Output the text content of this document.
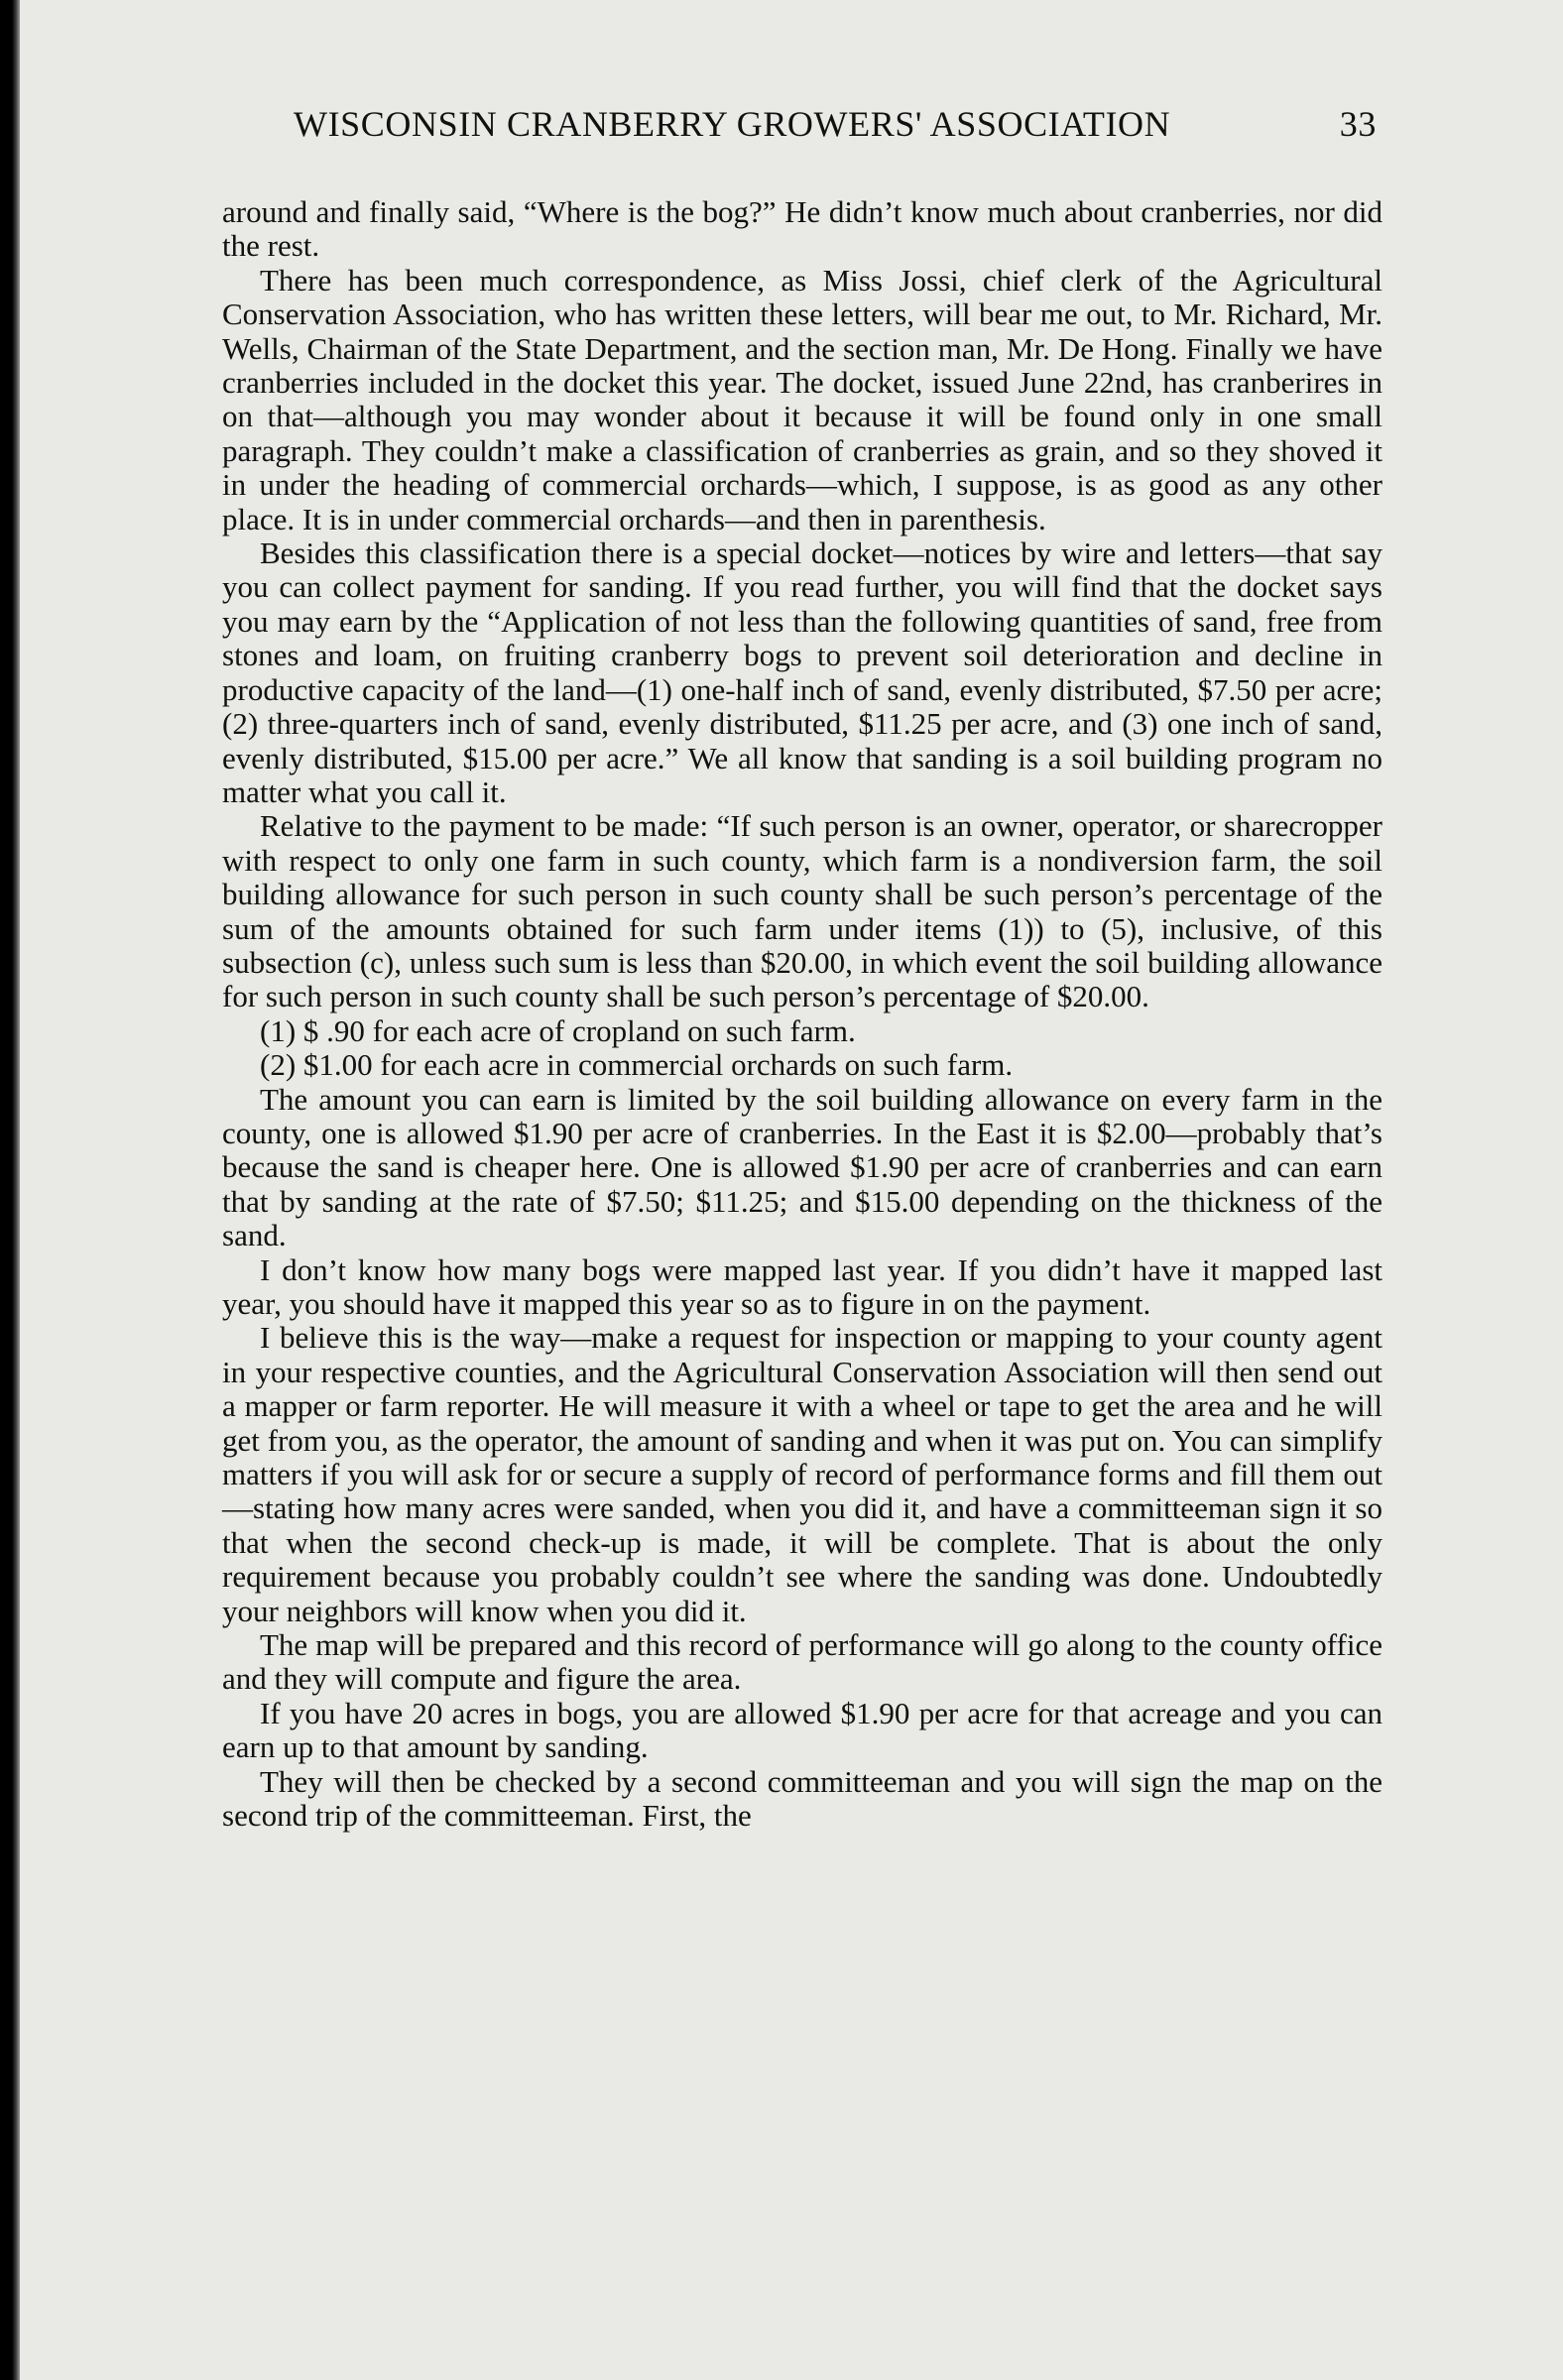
WISCONSIN CRANBERRY GROWERS' ASSOCIATION	33

around and finally said, “Where is the bog?” He didn’t know much about cranberries, nor did the rest.

There has been much correspondence, as Miss Jossi, chief clerk of the Agricultural Conservation Association, who has written these letters, will bear me out, to Mr. Richard, Mr. Wells, Chairman of the State Department, and the section man, Mr. De Hong. Finally we have cranberries included in the docket this year. The docket, issued June 22nd, has cranberires in on that—although you may wonder about it because it will be found only in one small paragraph. They couldn’t make a classification of cranberries as grain, and so they shoved it in under the heading of commercial orchards—which, I suppose, is as good as any other place. It is in under commercial orchards—and then in parenthesis.

Besides this classification there is a special docket—notices by wire and letters—that say you can collect payment for sanding. If you read further, you will find that the docket says you may earn by the “Application of not less than the following quantities of sand, free from stones and loam, on fruiting cranberry bogs to prevent soil deterioration and decline in productive capacity of the land—(1) one-half inch of sand, evenly distributed, $7.50 per acre; (2) three-quarters inch of sand, evenly distributed, $11.25 per acre, and (3) one inch of sand, evenly distributed, $15.00 per acre.” We all know that sanding is a soil building program no matter what you call it.

Relative to the payment to be made: “If such person is an owner, operator, or sharecropper with respect to only one farm in such county, which farm is a nondiversion farm, the soil building allowance for such person in such county shall be such person’s percentage of the sum of the amounts obtained for such farm under items (1)) to (5), inclusive, of this subsection (c), unless such sum is less than $20.00, in which event the soil building allowance for such person in such county shall be such person’s percentage of $20.00.

(1) $ .90 for each acre of cropland on such farm.

(2) $1.00 for each acre in commercial orchards on such farm.

The amount you can earn is limited by the soil building allowance on every farm in the county, one is allowed $1.90 per acre of cranberries. In the East it is $2.00—probably that’s because the sand is cheaper here. One is allowed $1.90 per acre of cranberries and can earn that by sanding at the rate of $7.50; $11.25; and $15.00 depending on the thickness of the sand.

I don’t know how many bogs were mapped last year. If you didn’t have it mapped last year, you should have it mapped this year so as to figure in on the payment.

I believe this is the way—make a request for inspection or mapping to your county agent in your respective counties, and the Agricultural Conservation Association will then send out a mapper or farm reporter. He will measure it with a wheel or tape to get the area and he will get from you, as the operator, the amount of sanding and when it was put on. You can simplify matters if you will ask for or secure a supply of record of performance forms and fill them out—stating how many acres were sanded, when you did it, and have a committeeman sign it so that when the second check-up is made, it will be complete. That is about the only requirement because you probably couldn’t see where the sanding was done. Undoubtedly your neighbors will know when you did it.

The map will be prepared and this record of performance will go along to the county office and they will compute and figure the area.

If you have 20 acres in bogs, you are allowed $1.90 per acre for that acreage and you can earn up to that amount by sanding.

They will then be checked by a second committeeman and you will sign the map on the second trip of the committeeman. First, the
